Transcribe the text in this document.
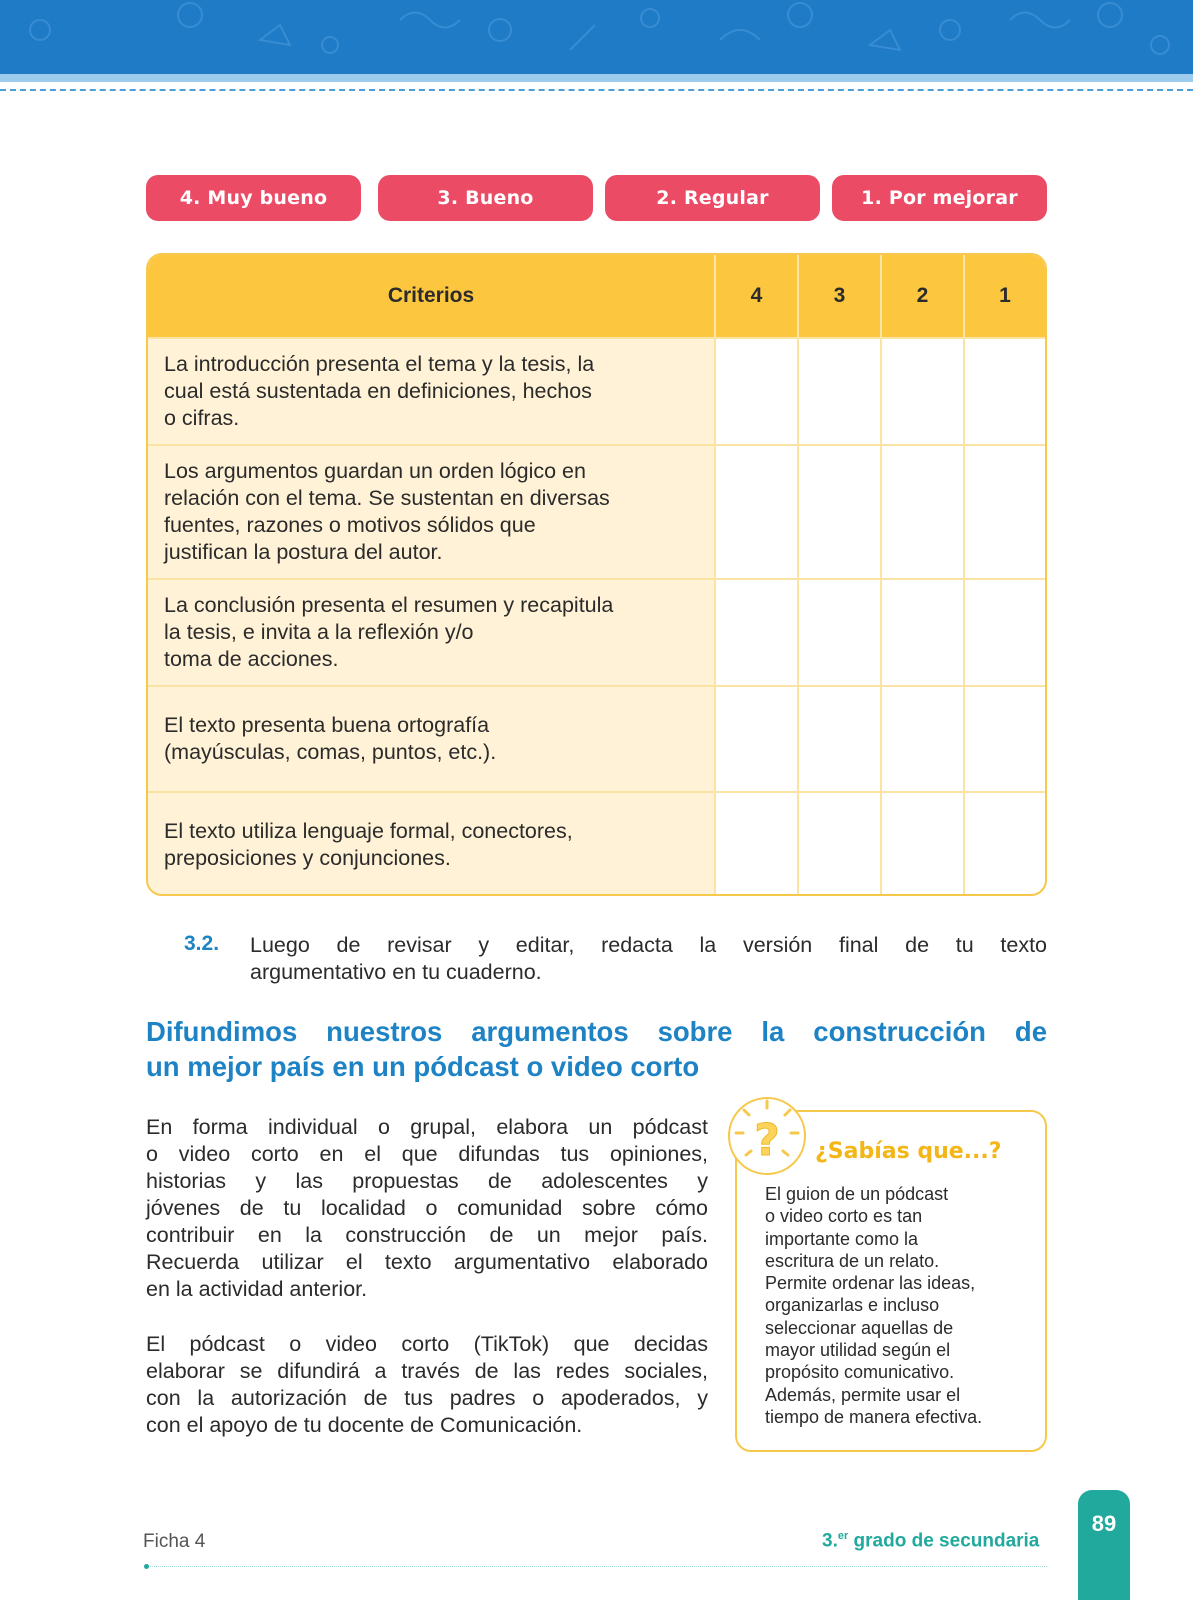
4. Muy bueno	3. Bueno	2. Regular	1. Por mejorar
Criterios	4	3	2	1

La introducción presenta el tema y la tesis, la
cual está sustentada en definiciones, hechos
o cifras.				

Los argumentos guardan un orden lógico en
relación con el tema. Se sustentan en diversas
fuentes, razones o motivos sólidos que
justifican la postura del autor.				

La conclusión presenta el resumen y recapitula
la tesis, e invita a la reflexión y/o
toma de acciones.				

El texto presenta buena ortografía
(mayúsculas, comas, puntos, etc.).				

El texto utiliza lenguaje formal, conectores,
preposiciones y conjunciones.				

3.2. Luego de revisar y editar, redacta la versión final de tu texto
argumentativo en tu cuaderno.
Difundimos nuestros argumentos sobre la construcción de
un mejor país en un pódcast o video corto
En forma individual o grupal, elabora un pódcast
o video corto en el que difundas tus opiniones,
historias y las propuestas de adolescentes y
jóvenes de tu localidad o comunidad sobre cómo
contribuir en la construcción de un mejor país.
Recuerda utilizar el texto argumentativo elaborado
en la actividad anterior.
El pódcast o video corto (TikTok) que decidas
elaborar se difundirá a través de las redes sociales,
con la autorización de tus padres o apoderados, y
con el apoyo de tu docente de Comunicación.
? ¿Sabías que...?
El guion de un pódcast
o video corto es tan
importante como la
escritura de un relato.
Permite ordenar las ideas,
organizarlas e incluso
seleccionar aquellas de
mayor utilidad según el
propósito comunicativo.
Además, permite usar el
tiempo de manera efectiva.
Ficha 4	3.$^{er}$ grado de secundaria
89
